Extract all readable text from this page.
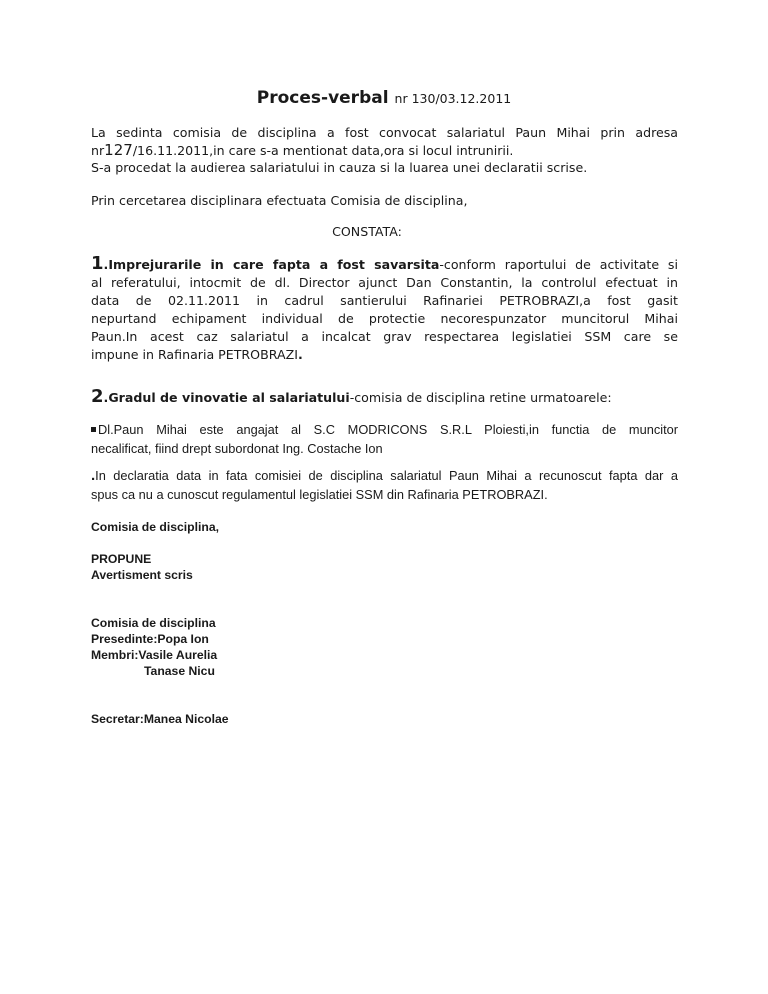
Proces-verbal nr 130/03.12.2011
La sedinta comisia de disciplina a fost convocat salariatul Paun Mihai prin adresa
nr127/16.11.2011,in care s-a mentionat data,ora si locul intrunirii.
S-a procedat la audierea salariatului in cauza si la luarea unei declaratii scrise.
Prin cercetarea disciplinara efectuata Comisia de disciplina,
CONSTATA:
1.Imprejurarile in care fapta a fost savarsita-conform raportului de activitate si
al referatului, intocmit de dl. Director ajunct Dan Constantin, la controlul efectuat in
data de 02.11.2011 in cadrul santierului Rafinariei PETROBRAZI,a fost gasit
nepurtand echipament individual de protectie necorespunzator muncitorul Mihai
Paun.In acest caz salariatul a incalcat grav respectarea legislatiei SSM care se
impune in Rafinaria PETROBRAZI.
2.Gradul de vinovatie al salariatului-comisia de disciplina retine urmatoarele:
Dl.Paun Mihai este angajat al S.C MODRICONS S.R.L Ploiesti,in functia de muncitor
necalificat, fiind drept subordonat Ing. Costache Ion
.In declaratia data in fata comisiei de disciplina salariatul Paun Mihai a recunoscut fapta dar a
spus ca nu a cunoscut regulamentul legislatiei SSM din Rafinaria PETROBRAZI.
Comisia de disciplina,
PROPUNE
Avertisment scris
Comisia de disciplina
Presedinte:Popa Ion
Membri:Vasile Aurelia
Tanase Nicu
Secretar:Manea Nicolae
